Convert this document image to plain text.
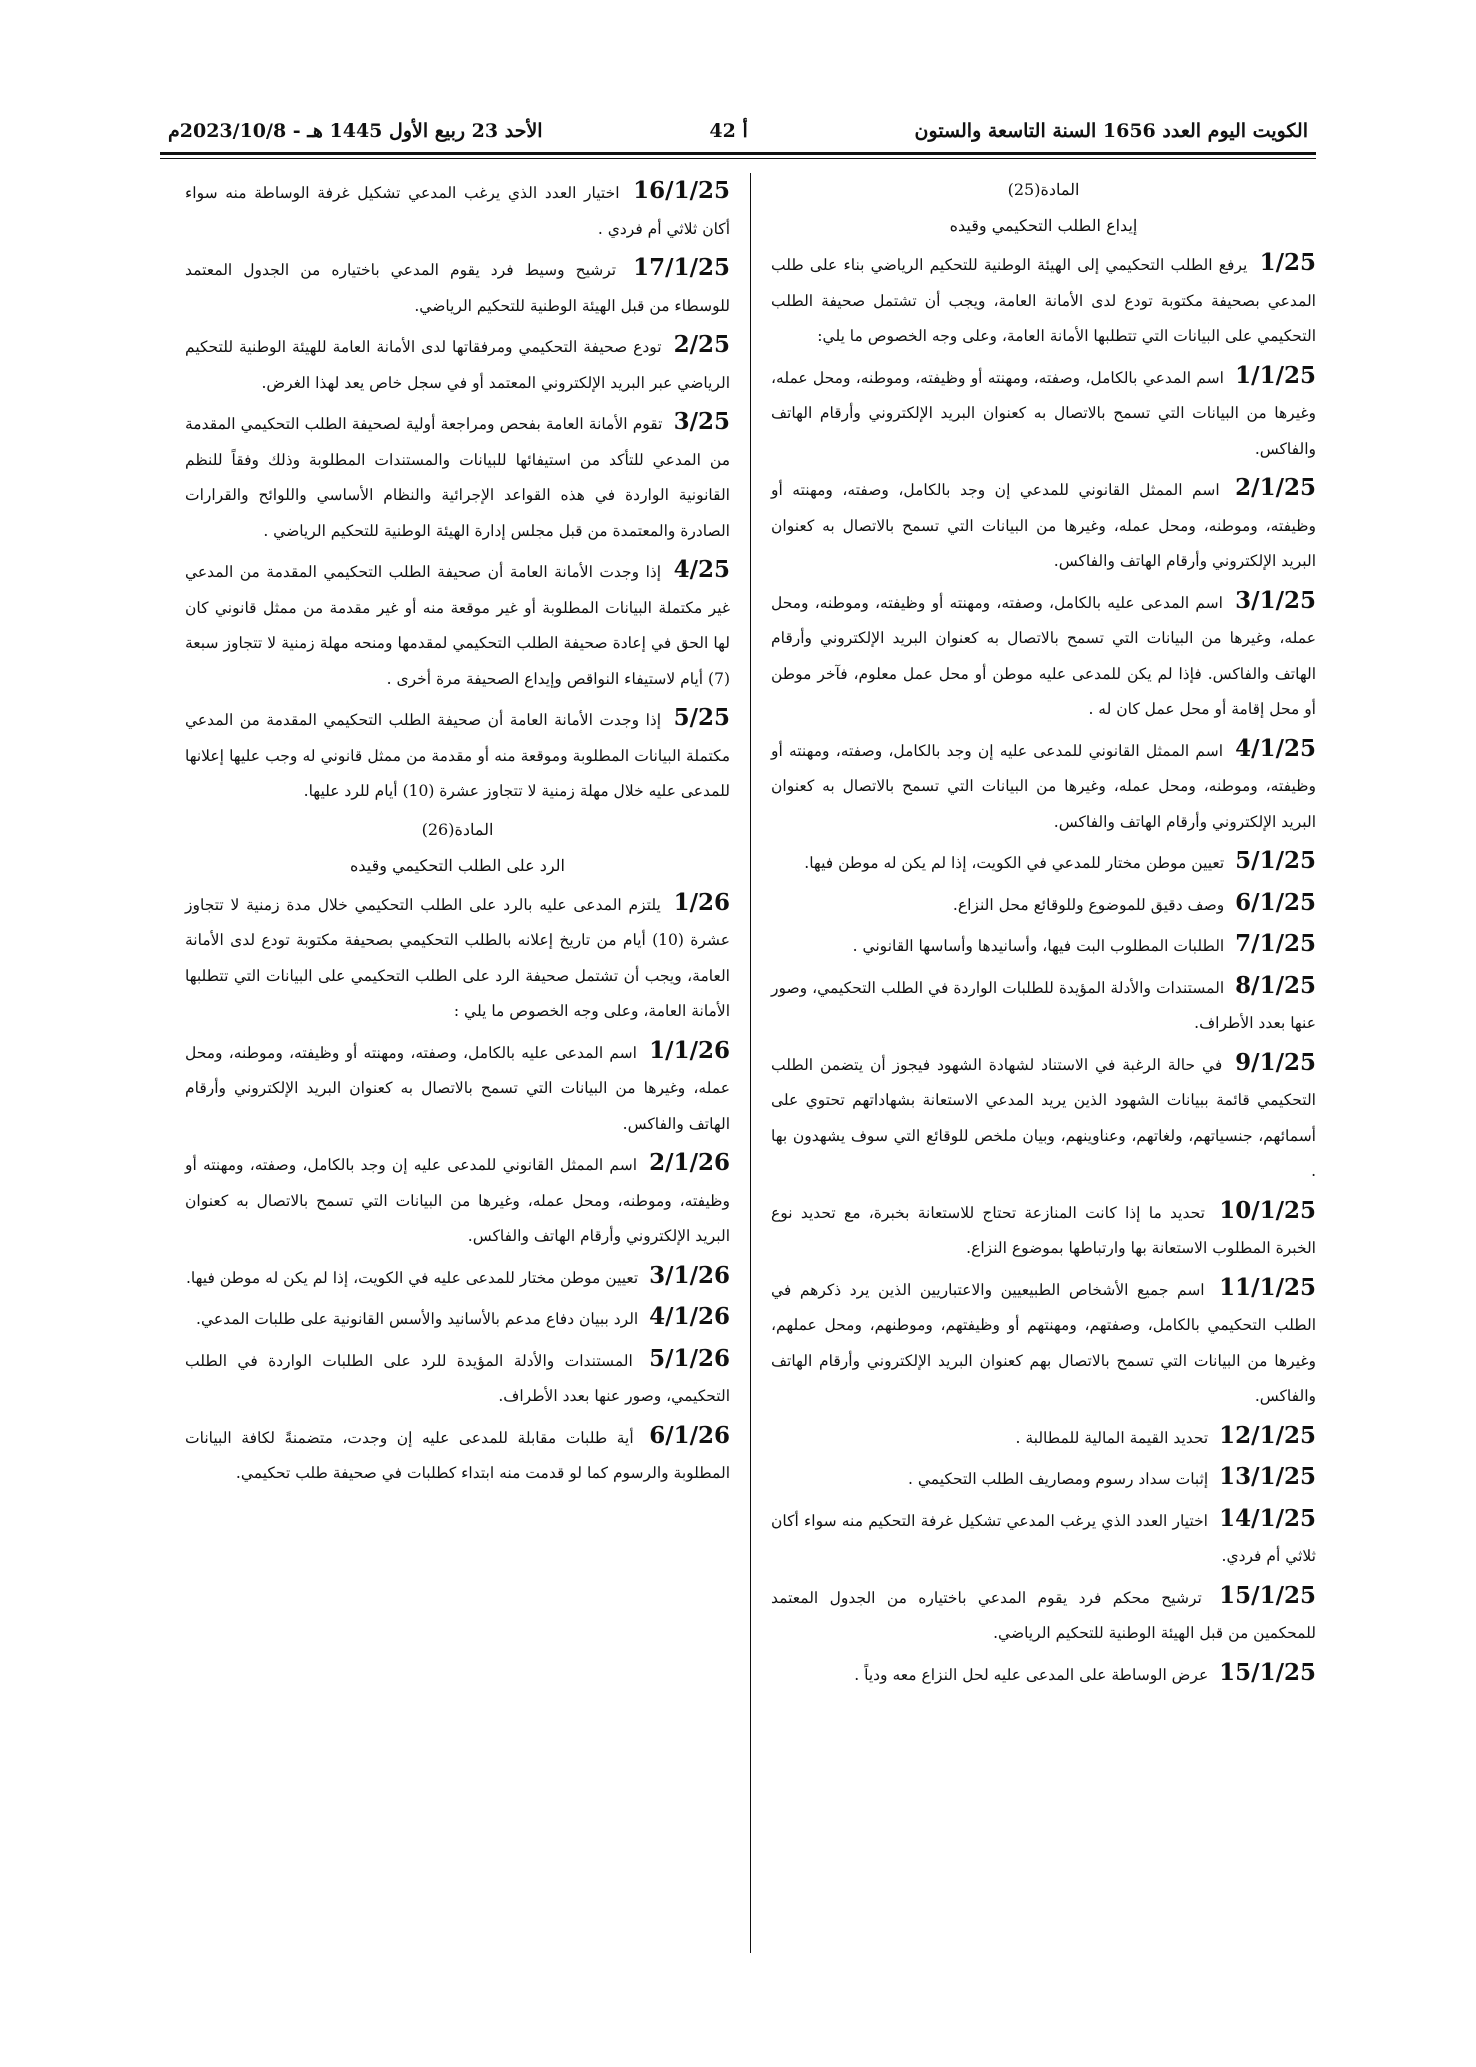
الكويت اليوم العدد 1656 السنة التاسعة والستون
أ 42
الأحد 23 ربيع الأول 1445 هـ - 2023/10/8م
المادة(25)
إيداع الطلب التحكيمي وقيده

1/25 يرفع الطلب التحكيمي إلى الهيئة الوطنية للتحكيم الرياضي بناء على طلب المدعي بصحيفة مكتوبة تودع لدى الأمانة العامة، ويجب أن تشتمل صحيفة الطلب التحكيمي على البيانات التي تتطلبها الأمانة العامة، وعلى وجه الخصوص ما يلي:

1/1/25 اسم المدعي بالكامل، وصفته، ومهنته أو وظيفته، وموطنه، ومحل عمله، وغيرها من البيانات التي تسمح بالاتصال به كعنوان البريد الإلكتروني وأرقام الهاتف والفاكس.

2/1/25 اسم الممثل القانوني للمدعي إن وجد بالكامل، وصفته، ومهنته أو وظيفته، وموطنه، ومحل عمله، وغيرها من البيانات التي تسمح بالاتصال به كعنوان البريد الإلكتروني وأرقام الهاتف والفاكس.

3/1/25 اسم المدعى عليه بالكامل، وصفته، ومهنته أو وظيفته، وموطنه، ومحل عمله، وغيرها من البيانات التي تسمح بالاتصال به كعنوان البريد الإلكتروني وأرقام الهاتف والفاكس. فإذا لم يكن للمدعى عليه موطن أو محل عمل معلوم، فآخر موطن أو محل إقامة أو محل عمل كان له .

4/1/25 اسم الممثل القانوني للمدعى عليه إن وجد بالكامل، وصفته، ومهنته أو وظيفته، وموطنه، ومحل عمله، وغيرها من البيانات التي تسمح بالاتصال به كعنوان البريد الإلكتروني وأرقام الهاتف والفاكس.

5/1/25 تعيين موطن مختار للمدعي في الكويت، إذا لم يكن له موطن فيها.

6/1/25 وصف دقيق للموضوع وللوقائع محل النزاع.

7/1/25 الطلبات المطلوب البت فيها، وأسانيدها وأساسها القانوني .

8/1/25 المستندات والأدلة المؤيدة للطلبات الواردة في الطلب التحكيمي، وصور عنها بعدد الأطراف.

9/1/25 في حالة الرغبة في الاستناد لشهادة الشهود فيجوز أن يتضمن الطلب التحكيمي قائمة ببيانات الشهود الذين يريد المدعي الاستعانة بشهاداتهم تحتوي على أسمائهم، جنسياتهم، ولغاتهم، وعناوينهم، وبيان ملخص للوقائع التي سوف يشهدون بها .

10/1/25 تحديد ما إذا كانت المنازعة تحتاج للاستعانة بخبرة، مع تحديد نوع الخبرة المطلوب الاستعانة بها وارتباطها بموضوع النزاع.

11/1/25 اسم جميع الأشخاص الطبيعيين والاعتباريين الذين يرد ذكرهم في الطلب التحكيمي بالكامل، وصفتهم، ومهنتهم أو وظيفتهم، وموطنهم، ومحل عملهم، وغيرها من البيانات التي تسمح بالاتصال بهم كعنوان البريد الإلكتروني وأرقام الهاتف والفاكس.

12/1/25 تحديد القيمة المالية للمطالبة .

13/1/25 إثبات سداد رسوم ومصاريف الطلب التحكيمي .

14/1/25 اختيار العدد الذي يرغب المدعي تشكيل غرفة التحكيم منه سواء أكان ثلاثي أم فردي.

15/1/25 ترشيح محكم فرد يقوم المدعي باختياره من الجدول المعتمد للمحكمين من قبل الهيئة الوطنية للتحكيم الرياضي.

15/1/25 عرض الوساطة على المدعى عليه لحل النزاع معه ودياً .

16/1/25 اختيار العدد الذي يرغب المدعي تشكيل غرفة الوساطة منه سواء أكان ثلاثي أم فردي .

17/1/25 ترشيح وسيط فرد يقوم المدعي باختياره من الجدول المعتمد للوسطاء من قبل الهيئة الوطنية للتحكيم الرياضي.

2/25 تودع صحيفة التحكيمي ومرفقاتها لدى الأمانة العامة للهيئة الوطنية للتحكيم الرياضي عبر البريد الإلكتروني المعتمد أو في سجل خاص يعد لهذا الغرض.

3/25 تقوم الأمانة العامة بفحص ومراجعة أولية لصحيفة الطلب التحكيمي المقدمة من المدعي للتأكد من استيفائها للبيانات والمستندات المطلوبة وذلك وفقاً للنظم القانونية الواردة في هذه القواعد الإجرائية والنظام الأساسي واللوائح والقرارات الصادرة والمعتمدة من قبل مجلس إدارة الهيئة الوطنية للتحكيم الرياضي .

4/25 إذا وجدت الأمانة العامة أن صحيفة الطلب التحكيمي المقدمة من المدعي غير مكتملة البيانات المطلوبة أو غير موقعة منه أو غير مقدمة من ممثل قانوني كان لها الحق في إعادة صحيفة الطلب التحكيمي لمقدمها ومنحه مهلة زمنية لا تتجاوز سبعة (7) أيام لاستيفاء النواقص وإيداع الصحيفة مرة أخرى .

5/25 إذا وجدت الأمانة العامة أن صحيفة الطلب التحكيمي المقدمة من المدعي مكتملة البيانات المطلوبة وموقعة منه أو مقدمة من ممثل قانوني له وجب عليها إعلانها للمدعى عليه خلال مهلة زمنية لا تتجاوز عشرة (10) أيام للرد عليها.

المادة(26)
الرد على الطلب التحكيمي وقيده

1/26 يلتزم المدعى عليه بالرد على الطلب التحكيمي خلال مدة زمنية لا تتجاوز عشرة (10) أيام من تاريخ إعلانه بالطلب التحكيمي بصحيفة مكتوبة تودع لدى الأمانة العامة، ويجب أن تشتمل صحيفة الرد على الطلب التحكيمي على البيانات التي تتطلبها الأمانة العامة، وعلى وجه الخصوص ما يلي :

1/1/26 اسم المدعى عليه بالكامل، وصفته، ومهنته أو وظيفته، وموطنه، ومحل عمله، وغيرها من البيانات التي تسمح بالاتصال به كعنوان البريد الإلكتروني وأرقام الهاتف والفاكس.

2/1/26 اسم الممثل القانوني للمدعى عليه إن وجد بالكامل، وصفته، ومهنته أو وظيفته، وموطنه، ومحل عمله، وغيرها من البيانات التي تسمح بالاتصال به كعنوان البريد الإلكتروني وأرقام الهاتف والفاكس.

3/1/26 تعيين موطن مختار للمدعى عليه في الكويت، إذا لم يكن له موطن فيها.

4/1/26 الرد ببيان دفاع مدعم بالأسانيد والأسس القانونية على طلبات المدعي.

5/1/26 المستندات والأدلة المؤيدة للرد على الطلبات الواردة في الطلب التحكيمي، وصور عنها بعدد الأطراف.

6/1/26 أية طلبات مقابلة للمدعى عليه إن وجدت، متضمنةً لكافة البيانات المطلوبة والرسوم كما لو قدمت منه ابتداء كطلبات في صحيفة طلب تحكيمي.
